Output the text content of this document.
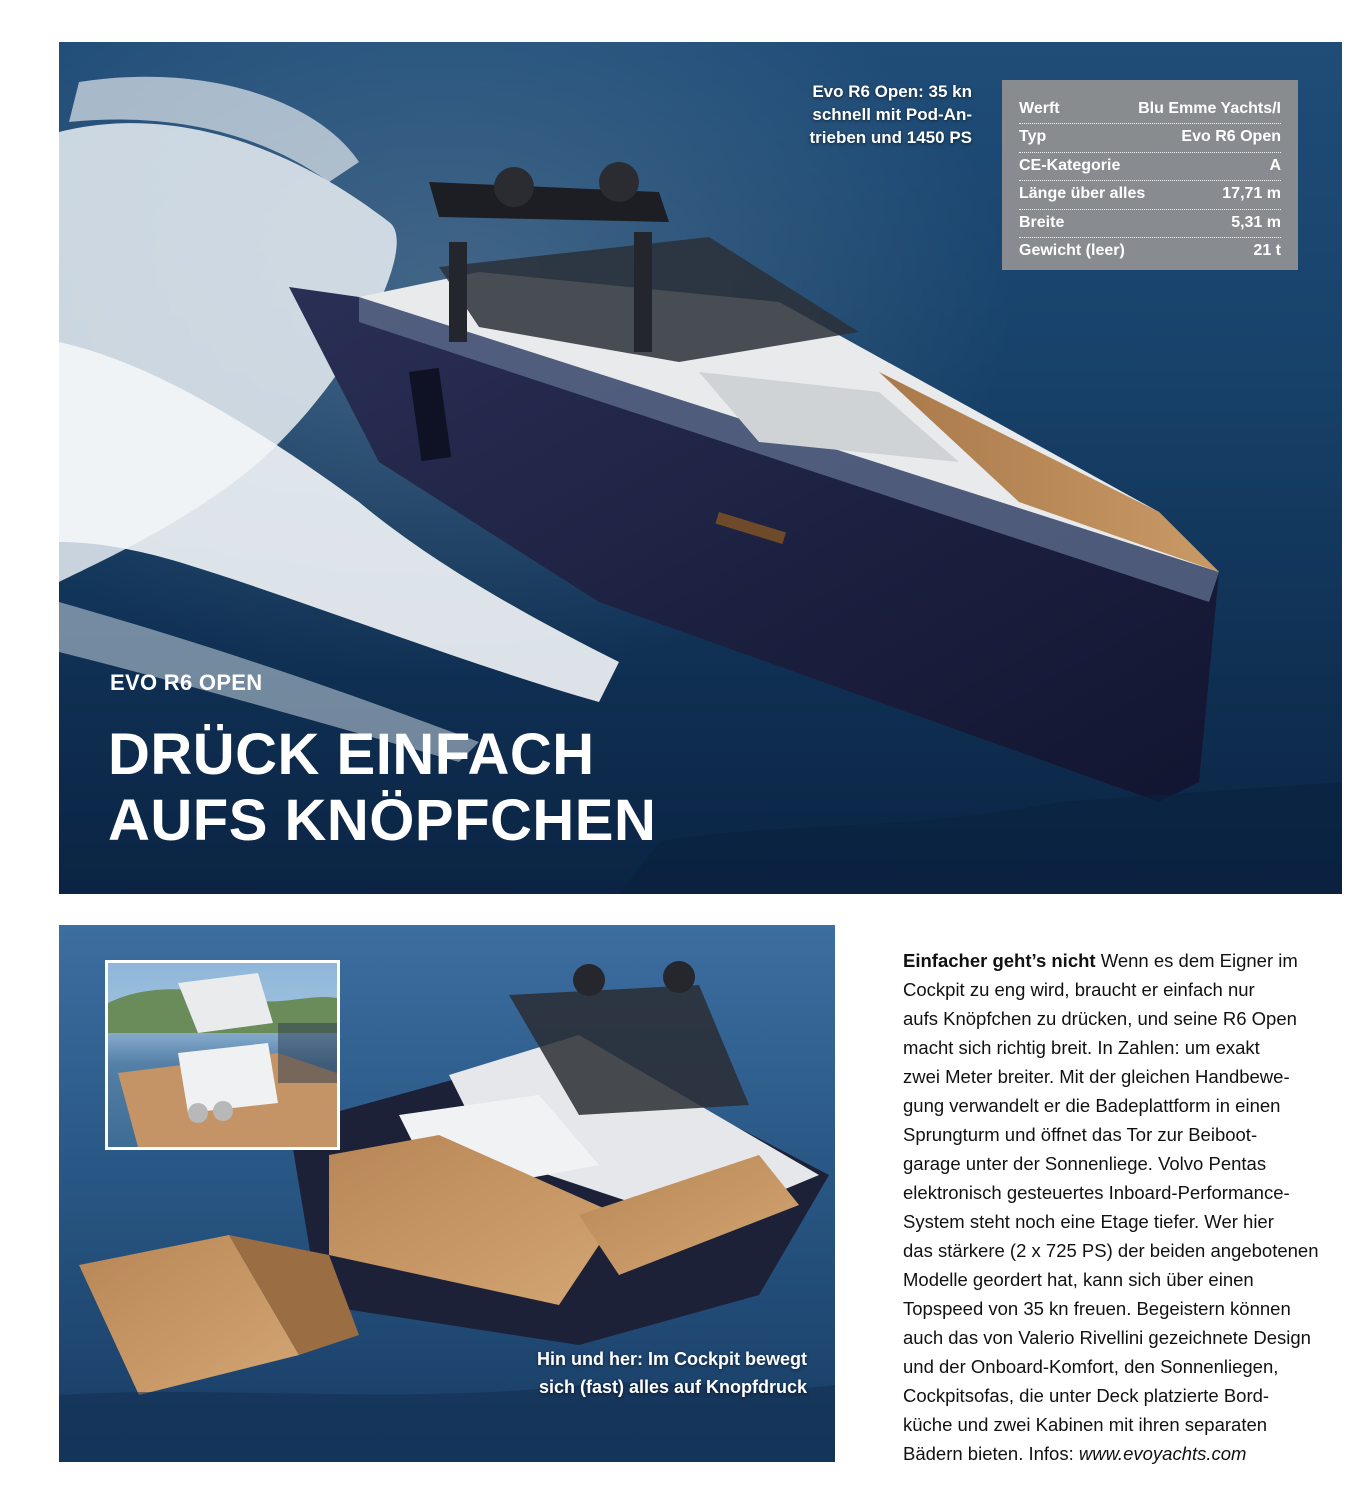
Evo R6 Open: 35 kn
schnell mit Pod-An-
trieben und 1450 PS
Werft	Blu Emme Yachts/I
Typ	Evo R6 Open
CE-Kategorie	A
Länge über alles	17,71 m
Breite	5,31 m
Gewicht (leer)	21 t
EVO R6 OPEN
DRÜCK EINFACH
AUFS KNÖPFCHEN
Hin und her: Im Cockpit bewegt
sich (fast) alles auf Knopfdruck
Einfacher geht’s nicht Wenn es dem Eigner im
Cockpit zu eng wird, braucht er einfach nur
aufs Knöpfchen zu drücken, und seine R6 Open
macht sich richtig breit. In Zahlen: um exakt
zwei Meter breiter. Mit der gleichen Handbewe-
gung verwandelt er die Badeplattform in einen
Sprungturm und öffnet das Tor zur Beiboot-
garage unter der Sonnenliege. Volvo Pentas
elektronisch gesteuertes Inboard-Performance-
System steht noch eine Etage tiefer. Wer hier
das stärkere (2 x 725 PS) der beiden angebotenen
Modelle geordert hat, kann sich über einen
Topspeed von 35 kn freuen. Begeistern können
auch das von Valerio Rivellini gezeichnete Design
und der Onboard-Komfort, den Sonnenliegen,
Cockpitsofas, die unter Deck platzierte Bord-
küche und zwei Kabinen mit ihren separaten
Bädern bieten. Infos: www.evoyachts.com
